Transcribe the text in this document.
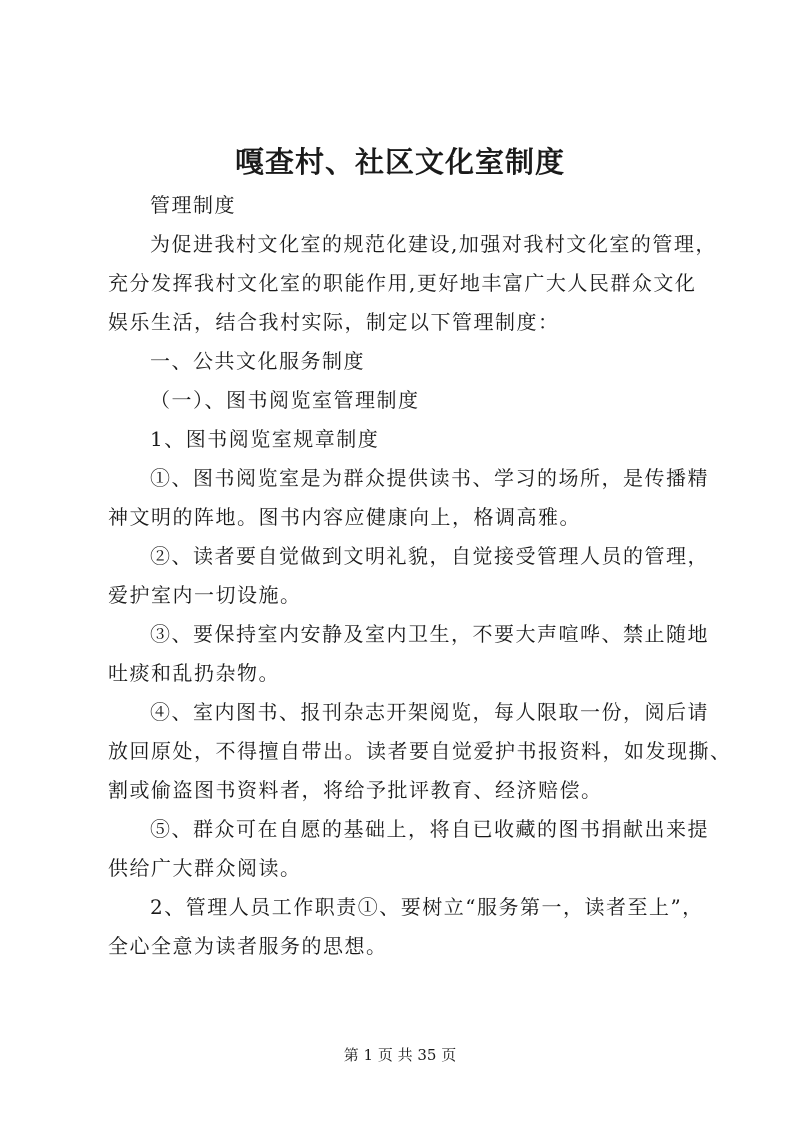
嘎查村、社区文化室制度
管理制度
为促进我村文化室的规范化建设,加强对我村文化室的管理，
充分发挥我村文化室的职能作用,更好地丰富广大人民群众文化
娱乐生活，结合我村实际，制定以下管理制度：
一、公共文化服务制度
（一）、图书阅览室管理制度
1、图书阅览室规章制度
①、图书阅览室是为群众提供读书、学习的场所，是传播精
神文明的阵地。图书内容应健康向上，格调高雅。
②、读者要自觉做到文明礼貌，自觉接受管理人员的管理，
爱护室内一切设施。
③、要保持室内安静及室内卫生，不要大声喧哗、禁止随地
吐痰和乱扔杂物。
④、室内图书、报刊杂志开架阅览，每人限取一份，阅后请
放回原处，不得擅自带出。读者要自觉爱护书报资料，如发现撕、
割或偷盗图书资料者，将给予批评教育、经济赔偿。
⑤、群众可在自愿的基础上，将自已收藏的图书捐献出来提
供给广大群众阅读。
2、管理人员工作职责①、要树立“服务第一，读者至上”，
全心全意为读者服务的思想。
第 1 页 共 35 页
